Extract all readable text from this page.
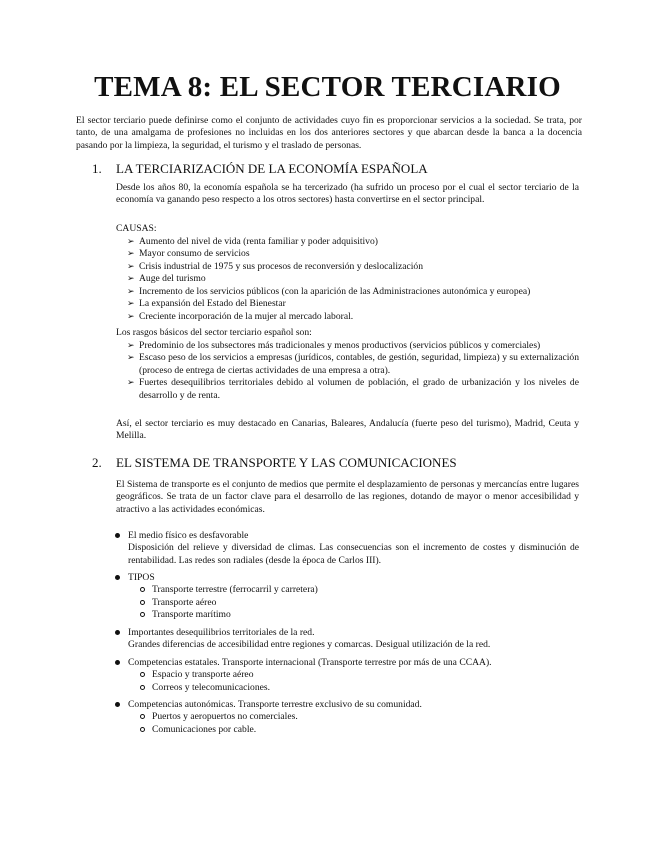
TEMA 8: EL SECTOR TERCIARIO

El sector terciario puede definirse como el conjunto de actividades cuyo fin es proporcionar servicios a la sociedad. Se trata, por tanto, de una amalgama de profesiones no incluidas en los dos anteriores sectores y que abarcan desde la banca a la docencia pasando por la limpieza, la seguridad, el turismo y el traslado de personas.

1. LA TERCIARIZACIÓN DE LA ECONOMÍA ESPAÑOLA

Desde los años 80, la economía española se ha tercerizado (ha sufrido un proceso por el cual el sector terciario de la economía va ganando peso respecto a los otros sectores) hasta convertirse en el sector principal.

CAUSAS:

➢ Aumento del nivel de vida (renta familiar y poder adquisitivo)
➢ Mayor consumo de servicios
➢ Crisis industrial de 1975 y sus procesos de reconversión y deslocalización
➢ Auge del turismo
➢ Incremento de los servicios públicos (con la aparición de las Administraciones autonómica y europea)
➢ La expansión del Estado del Bienestar
➢ Creciente incorporación de la mujer al mercado laboral.

Los rasgos básicos del sector terciario español son:

➢ Predominio de los subsectores más tradicionales y menos productivos (servicios públicos y comerciales)
➢ Escaso peso de los servicios a empresas (jurídicos, contables, de gestión, seguridad, limpieza) y su externalización (proceso de entrega de ciertas actividades de una empresa a otra).
➢ Fuertes desequilibrios territoriales debido al volumen de población, el grado de urbanización y los niveles de desarrollo y de renta.

Así, el sector terciario es muy destacado en Canarias, Baleares, Andalucía (fuerte peso del turismo), Madrid, Ceuta y Melilla.

2. EL SISTEMA DE TRANSPORTE Y LAS COMUNICACIONES

El Sistema de transporte es el conjunto de medios que permite el desplazamiento de personas y mercancías entre lugares geográficos. Se trata de un factor clave para el desarrollo de las regiones, dotando de mayor o menor accesibilidad y atractivo a las actividades económicas.

El medio físico es desfavorable

Disposición del relieve y diversidad de climas. Las consecuencias son el incremento de costes y disminución de rentabilidad. Las redes son radiales (desde la época de Carlos III).

TIPOS

Transporte terrestre (ferrocarril y carretera)
Transporte aéreo
Transporte marítimo

Importantes desequilibrios territoriales de la red.

Grandes diferencias de accesibilidad entre regiones y comarcas. Desigual utilización de la red.

Competencias estatales. Transporte internacional (Transporte terrestre por más de una CCAA).

Espacio y transporte aéreo
Correos y telecomunicaciones.

Competencias autonómicas. Transporte terrestre exclusivo de su comunidad.

Puertos y aeropuertos no comerciales.
Comunicaciones por cable.
